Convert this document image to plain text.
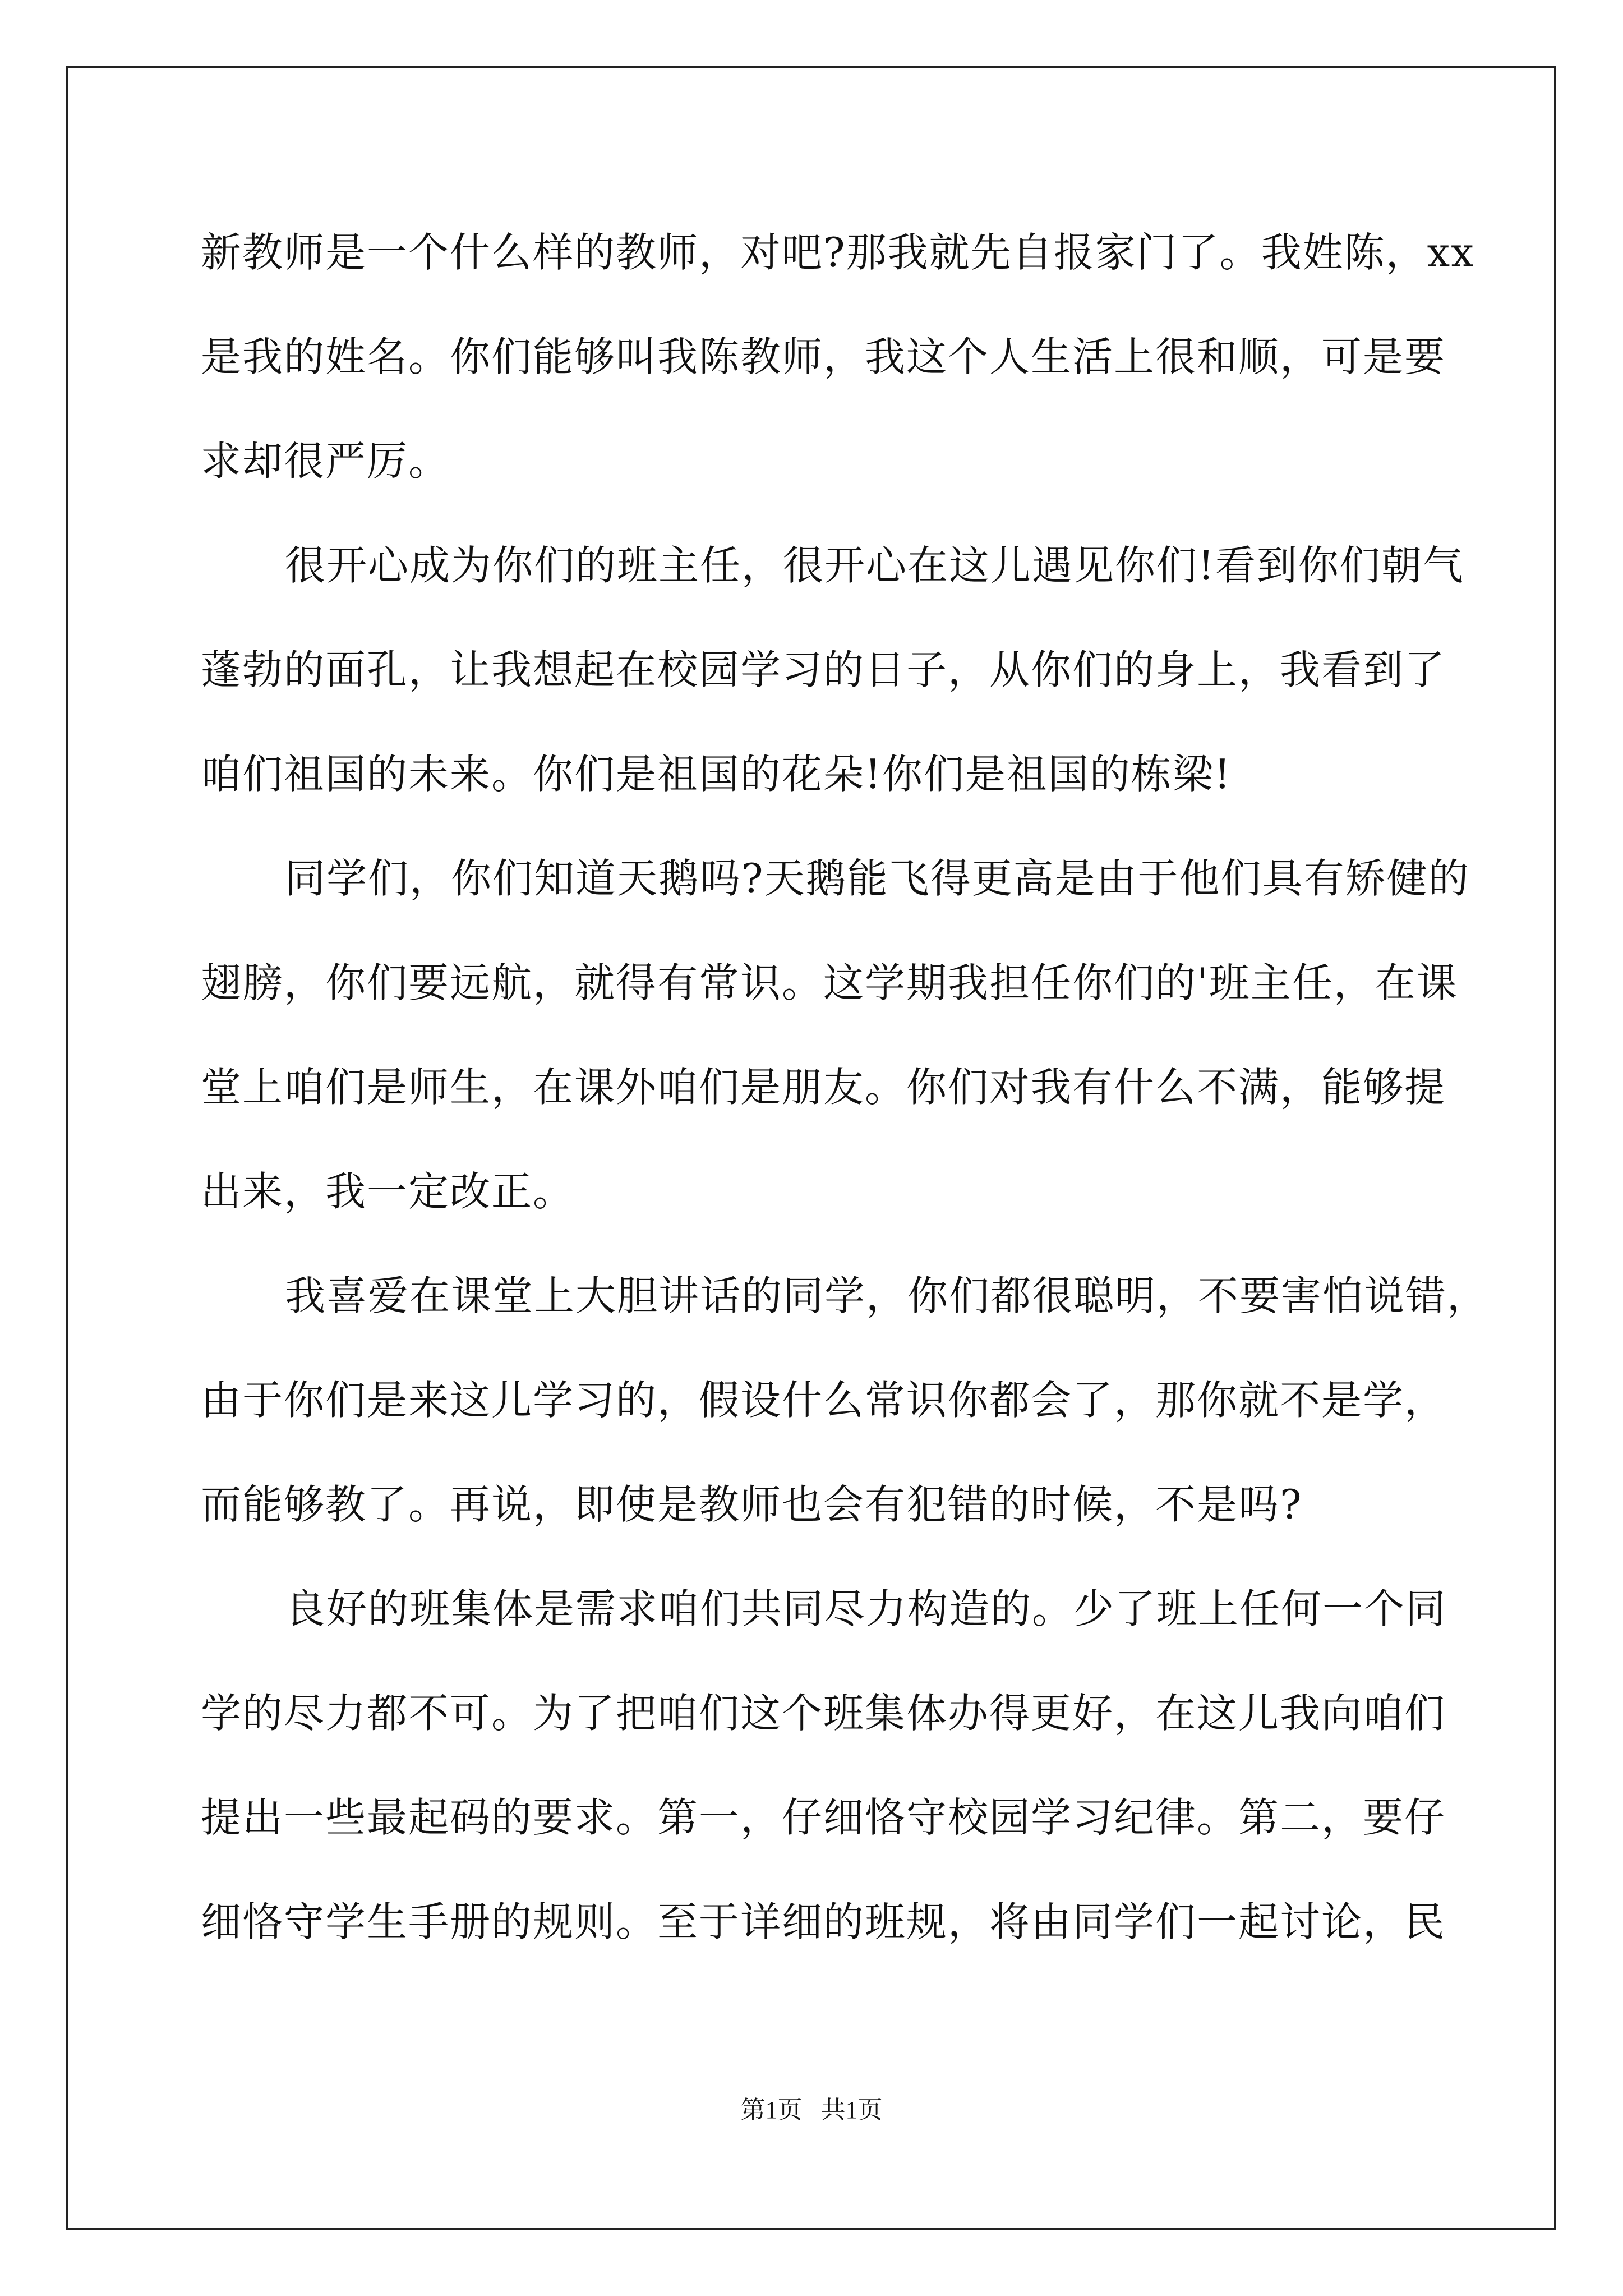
新教师是一个什么样的教师，对吧?那我就先自报家门了。我姓陈，xx
是我的姓名。你们能够叫我陈教师，我这个人生活上很和顺，可是要
求却很严厉。
很开心成为你们的班主任，很开心在这儿遇见你们!看到你们朝气
蓬勃的面孔，让我想起在校园学习的日子，从你们的身上，我看到了
咱们祖国的未来。你们是祖国的花朵!你们是祖国的栋梁!
同学们，你们知道天鹅吗?天鹅能飞得更高是由于他们具有矫健的
翅膀，你们要远航，就得有常识。这学期我担任你们的'班主任，在课
堂上咱们是师生，在课外咱们是朋友。你们对我有什么不满，能够提
出来，我一定改正。
我喜爱在课堂上大胆讲话的同学，你们都很聪明，不要害怕说错，
由于你们是来这儿学习的，假设什么常识你都会了，那你就不是学，
而能够教了。再说，即使是教师也会有犯错的时候，不是吗?
良好的班集体是需求咱们共同尽力构造的。少了班上任何一个同
学的尽力都不可。为了把咱们这个班集体办得更好，在这儿我向咱们
提出一些最起码的要求。第一，仔细恪守校园学习纪律。第二，要仔
细恪守学生手册的规则。至于详细的班规，将由同学们一起讨论，民
第1页   共1页
